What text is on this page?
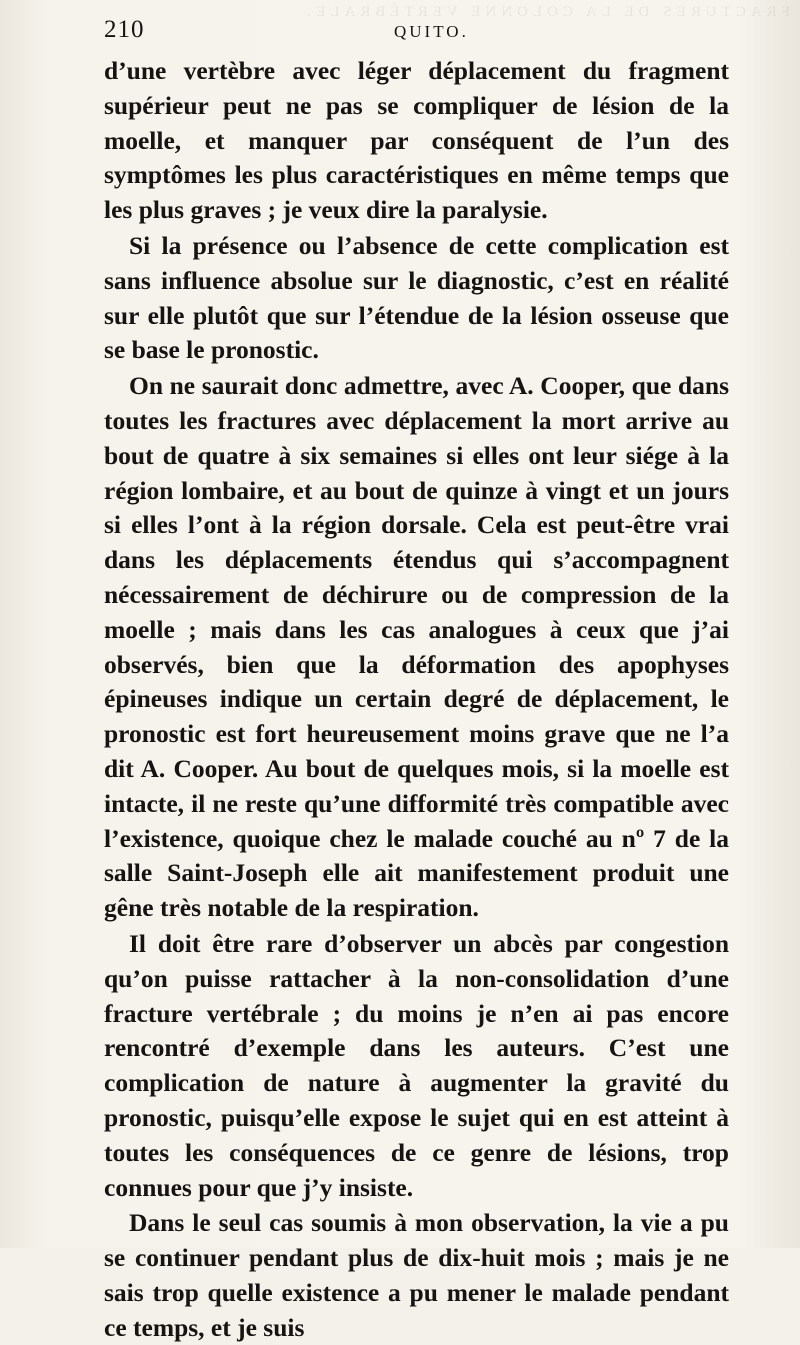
FRACTURES DE LA COLONNE VERTÉBRALE.
210	QUITO.

d’une vertèbre avec léger déplacement du fragment supérieur peut ne pas se compliquer de lésion de la moelle, et manquer par conséquent de l’un des symptômes les plus caractéristiques en même temps que les plus graves ; je veux dire la paralysie.

Si la présence ou l’absence de cette complication est sans influence absolue sur le diagnostic, c’est en réalité sur elle plutôt que sur l’étendue de la lésion osseuse que se base le pronostic.

On ne saurait donc admettre, avec A. Cooper, que dans toutes les fractures avec déplacement la mort arrive au bout de quatre à six semaines si elles ont leur siége à la région lombaire, et au bout de quinze à vingt et un jours si elles l’ont à la région dorsale. Cela est peut-être vrai dans les déplacements étendus qui s’accompagnent nécessairement de déchirure ou de compression de la moelle ; mais dans les cas analogues à ceux que j’ai observés, bien que la déformation des apophyses épineuses indique un certain degré de déplacement, le pronostic est fort heureusement moins grave que ne l’a dit A. Cooper. Au bout de quelques mois, si la moelle est intacte, il ne reste qu’une difformité très compatible avec l’existence, quoique chez le malade couché au nº 7 de la salle Saint-Joseph elle ait manifestement produit une gêne très notable de la respiration.

Il doit être rare d’observer un abcès par congestion qu’on puisse rattacher à la non-consolidation d’une fracture vertébrale ; du moins je n’en ai pas encore rencontré d’exemple dans les auteurs. C’est une complication de nature à augmenter la gravité du pronostic, puisqu’elle expose le sujet qui en est atteint à toutes les conséquences de ce genre de lésions, trop connues pour que j’y insiste.

Dans le seul cas soumis à mon observation, la vie a pu se continuer pendant plus de dix-huit mois ; mais je ne sais trop quelle existence a pu mener le malade pendant ce temps, et je suis
